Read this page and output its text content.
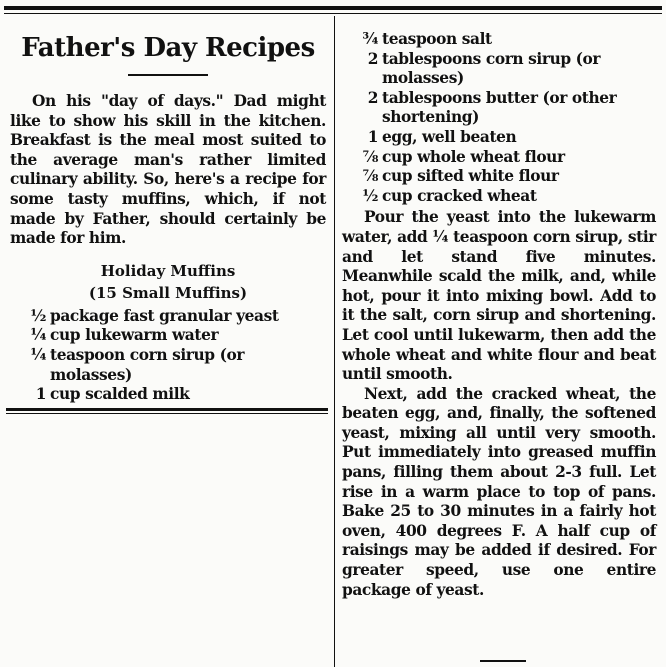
Father's Day Recipes

On his "day of days." Dad might like to show his skill in the kitchen. Breakfast is the meal most suited to the average man's rather limited culinary ability. So, here's a recipe for some tasty muffins, which, if not made by Father, should certainly be made for him.

Holiday Muffins
(15 Small Muffins)
½ package fast granular yeast
¼ cup lukewarm water
¼ teaspoon corn sirup (or molasses)
1 cup scalded milk
¾ teaspoon salt
2 tablespoons corn sirup (or molasses)
2 tablespoons butter (or other shortening)
1 egg, well beaten
⅞ cup whole wheat flour
⅞ cup sifted white flour
½ cup cracked wheat

Pour the yeast into the lukewarm water, add ¼ teaspoon corn sirup, stir and let stand five minutes. Meanwhile scald the milk, and, while hot, pour it into mixing bowl. Add to it the salt, corn sirup and shortening. Let cool until lukewarm, then add the whole wheat and white flour and beat until smooth.

Next, add the cracked wheat, the beaten egg, and, finally, the softened yeast, mixing all until very smooth. Put immediately into greased muffin pans, filling them about 2-3 full. Let rise in a warm place to top of pans. Bake 25 to 30 minutes in a fairly hot oven, 400 degrees F. A half cup of raisings may be added if desired. For greater speed, use one entire package of yeast.
